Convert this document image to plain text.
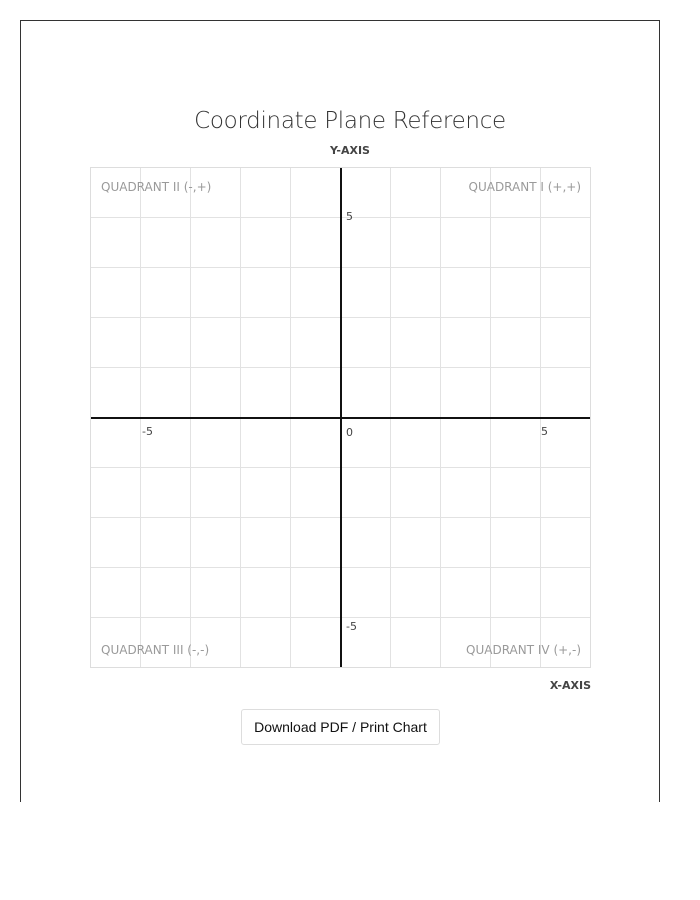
Coordinate Plane Reference
Y-AXIS
QUADRANT II (-,+)	QUADRANT I (+,+)
QUADRANT III (-,-)	QUADRANT IV (+,-)
-5	0	5
5
-5
X-AXIS
Download PDF / Print Chart
